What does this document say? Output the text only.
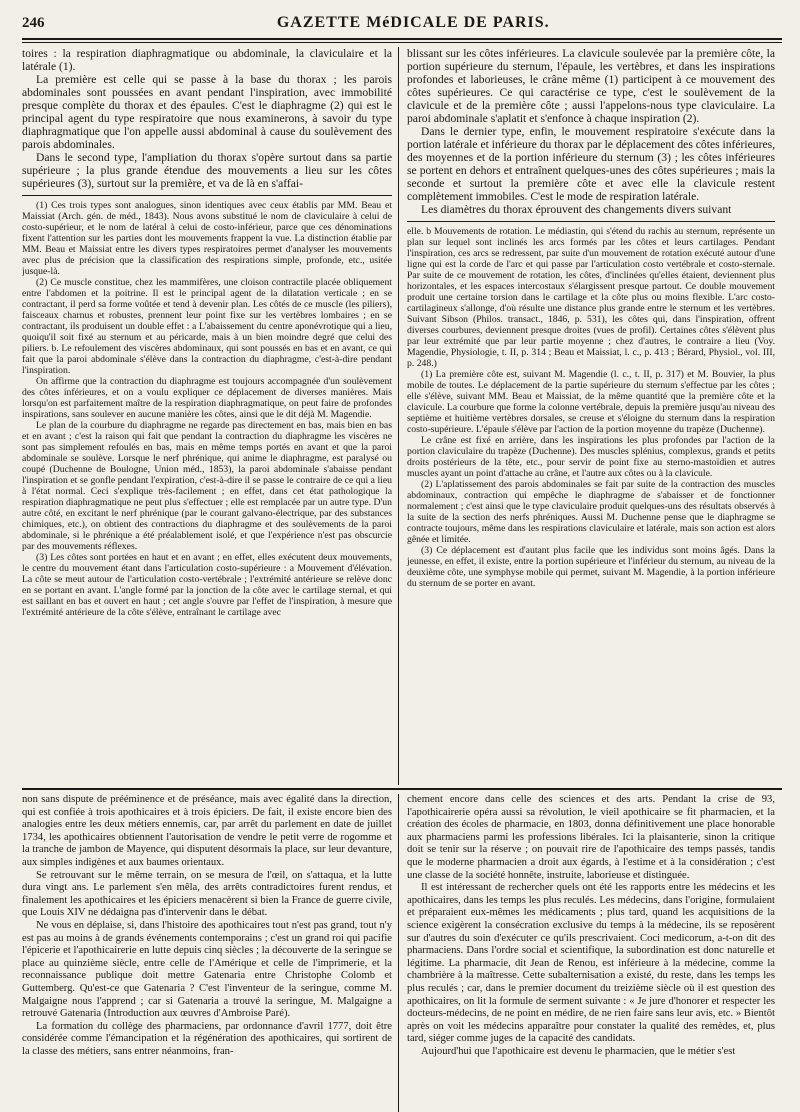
246	GAZETTE MéDICALE DE PARIS.

toires : la respiration diaphragmatique ou abdominale, la claviculaire et la latérale (1).

La première est celle qui se passe à la base du thorax ; les parois abdominales sont poussées en avant pendant l'inspiration, avec immobilité presque complète du thorax et des épaules. C'est le diaphragme (2) qui est le principal agent du type respiratoire que nous examinerons, à savoir du type diaphragmatique que l'on appelle aussi abdominal à cause du soulèvement des parois abdominales.

Dans le second type, l'ampliation du thorax s'opère surtout dans sa partie supérieure ; la plus grande étendue des mouvements a lieu sur les côtes supérieures (3), surtout sur la première, et va de là en s'affai-

(1) Ces trois types sont analogues, sinon identiques avec ceux établis par MM. Beau et Maissiat (Arch. gén. de méd., 1843). Nous avons substitué le nom de claviculaire à celui de costo-supérieur, et le nom de latéral à celui de costo-inférieur, parce que ces dénominations fixent l'attention sur les parties dont les mouvements frappent la vue. La distinction établie par MM. Beau et Maissiat entre les divers types respiratoires permet d'analyser les mouvements avec plus de précision que la classification des respirations simple, profonde, etc., usitée jusque-là.

(2) Ce muscle constitue, chez les mammifères, une cloison contractile placée obliquement entre l'abdomen et la poitrine. Il est le principal agent de la dilatation verticale ; en se contractant, il perd sa forme voûtée et tend à devenir plan. Les côtés de ce muscle (les piliers), faisceaux charnus et robustes, prennent leur point fixe sur les vertèbres lombaires ; en se contractant, ils produisent un double effet : a L'abaissement du centre aponévrotique qui a lieu, quoiqu'il soit fixé au sternum et au péricarde, mais à un bien moindre degré que celui des piliers. b. Le refoulement des viscères abdominaux, qui sont poussés en bas et en avant, ce qui fait que la paroi abdominale s'élève dans la contraction du diaphragme, c'est-à-dire pendant l'inspiration.

On affirme que la contraction du diaphragme est toujours accompagnée d'un soulèvement des côtes inférieures, et on a voulu expliquer ce déplacement de diverses manières. Mais lorsqu'on est parfaitement maître de la respiration diaphragmatique, on peut faire de profondes inspirations, sans soulever en aucune manière les côtes, ainsi que le dit déjà M. Magendie.

Le plan de la courbure du diaphragme ne regarde pas directement en bas, mais bien en bas et en avant ; c'est la raison qui fait que pendant la contraction du diaphragme les viscères ne sont pas simplement refoulés en bas, mais en même temps portés en avant et que la paroi abdominale se soulève. Lorsque le nerf phrénique, qui anime le diaphragme, est paralysé ou coupé (Duchenne de Boulogne, Union méd., 1853), la paroi abdominale s'abaisse pendant l'inspiration et se gonfle pendant l'expiration, c'est-à-dire il se passe le contraire de ce qui a lieu à l'état normal. Ceci s'explique très-facilement ; en effet, dans cet état pathologique la respiration diaphragmatique ne peut plus s'effectuer ; elle est remplacée par un autre type. D'un autre côté, en excitant le nerf phrénique (par le courant galvano-électrique, par des substances chimiques, etc.), on obtient des contractions du diaphragme et des soulèvements de la paroi abdominale, si le phrénique a été préalablement isolé, et que l'expérience n'est pas obscurcie par des mouvements réflexes.

(3) Les côtes sont portées en haut et en avant ; en effet, elles exécutent deux mouvements, le centre du mouvement étant dans l'articulation costo-supérieure : a Mouvement d'élévation. La côte se meut autour de l'articulation costo-vertébrale ; l'extrémité antérieure se relève donc en se portant en avant. L'angle formé par la jonction de la côte avec le cartilage sternal, et qui est saillant en bas et ouvert en haut ; cet angle s'ouvre par l'effet de l'inspiration, à mesure que l'extrémité antérieure de la côte s'élève, entraînant le cartilage avec

blissant sur les côtes inférieures. La clavicule soulevée par la première côte, la portion supérieure du sternum, l'épaule, les vertèbres, et dans les inspirations profondes et laborieuses, le crâne même (1) participent à ce mouvement des côtes supérieures. Ce qui caractérise ce type, c'est le soulèvement de la clavicule et de la première côte ; aussi l'appelons-nous type claviculaire. La paroi abdominale s'aplatit et s'enfonce à chaque inspiration (2).

Dans le dernier type, enfin, le mouvement respiratoire s'exécute dans la portion latérale et inférieure du thorax par le déplacement des côtes inférieures, des moyennes et de la portion inférieure du sternum (3) ; les côtes inférieures se portent en dehors et entraînent quelques-unes des côtes supérieures ; mais la seconde et surtout la première côte et avec elle la clavicule restent complètement immobiles. C'est le mode de respiration latérale.

Les diamètres du thorax éprouvent des changements divers suivant

elle. b Mouvements de rotation. Le médiastin, qui s'étend du rachis au sternum, représente un plan sur lequel sont inclinés les arcs formés par les côtes et leurs cartilages. Pendant l'inspiration, ces arcs se redressent, par suite d'un mouvement de rotation exécuté autour d'une ligne qui est la corde de l'arc et qui passe par l'articulation costo vertébrale et costo-sternale. Par suite de ce mouvement de rotation, les côtes, d'inclinées qu'elles étaient, deviennent plus horizontales, et les espaces intercostaux s'élargissent presque partout. Ce double mouvement produit une certaine torsion dans le cartilage et la côte plus ou moins flexible. L'arc costo-cartilagineux s'allonge, d'où résulte une distance plus grande entre le sternum et les vertèbres. Suivant Sibson (Philos. transact., 1846, p. 531), les côtes qui, dans l'inspiration, offrent diverses courbures, deviennent presque droites (vues de profil). Certaines côtes s'élèvent plus par leur extrémité que par leur partie moyenne ; chez d'autres, le contraire a lieu (Voy. Magendie, Physiologie, t. II, p. 314 ; Beau et Maissiat, l. c., p. 413 ; Bérard, Physiol., vol. III, p. 248.)

(1) La première côte est, suivant M. Magendie (l. c., t. II, p. 317) et M. Bouvier, la plus mobile de toutes. Le déplacement de la partie supérieure du sternum s'effectue par les côtes ; elle s'élève, suivant MM. Beau et Maissiat, de la même quantité que la première côte et la clavicule. La courbure que forme la colonne vertébrale, depuis la première jusqu'au niveau des septième et huitième vertèbres dorsales, se creuse et s'éloigne du sternum dans la respiration costo-supérieure. L'épaule s'élève par l'action de la portion moyenne du trapèze (Duchenne).

Le crâne est fixé en arrière, dans les inspirations les plus profondes par l'action de la portion claviculaire du trapèze (Duchenne). Des muscles splénius, complexus, grands et petits droits postérieurs de la tête, etc., pour servir de point fixe au sterno-mastoïdien et autres muscles ayant un point d'attache au crâne, et l'autre aux côtes ou à la clavicule.

(2) L'aplatissement des parois abdominales se fait par suite de la contraction des muscles abdominaux, contraction qui empêche le diaphragme de s'abaisser et de fonctionner normalement ; c'est ainsi que le type claviculaire produit quelques-uns des résultats observés à la suite de la section des nerfs phréniques. Aussi M. Duchenne pense que le diaphragme se contracte toujours, même dans les respirations claviculaire et latérale, mais son action est alors gênée et limitée.

(3) Ce déplacement est d'autant plus facile que les individus sont moins âgés. Dans la jeunesse, en effet, il existe, entre la portion supérieure et l'inférieur du sternum, au niveau de la deuxième côte, une symphyse mobile qui permet, suivant M. Magendie, à la portion inférieure du sternum de se porter en avant.

non sans dispute de prééminence et de préséance, mais avec égalité dans la direction, qui est confiée à trois apothicaires et à trois épiciers. De fait, il existe encore bien des analogies entre les deux métiers ennemis, car, par arrêt du parlement en date de juillet 1734, les apothicaires obtiennent l'autorisation de vendre le petit verre de rogomme et la tranche de jambon de Mayence, qui disputent désormais la place, sur leur devanture, aux simples indigènes et aux baumes orientaux.

Se retrouvant sur le même terrain, on se mesura de l'œil, on s'attaqua, et la lutte dura vingt ans. Le parlement s'en mêla, des arrêts contradictoires furent rendus, et finalement les apothicaires et les épiciers menacèrent si bien la France de guerre civile, que Louis XIV ne dédaigna pas d'intervenir dans le débat.

Ne vous en déplaise, si, dans l'histoire des apothicaires tout n'est pas grand, tout n'y est pas au moins à de grands événements contemporains ; c'est un grand roi qui pacifie l'épicerie et l'apothicairerie en lutte depuis cinq siècles ; la découverte de la seringue se place au quinzième siècle, entre celle de l'Amérique et celle de l'imprimerie, et la reconnaissance publique doit mettre Gatenaria entre Christophe Colomb et Guttemberg. Qu'est-ce que Gatenaria ? C'est l'inventeur de la seringue, comme M. Malgaigne nous l'apprend ; car si Gatenaria a trouvé la seringue, M. Malgaigne a retrouvé Gatenaria (Introduction aux œuvres d'Ambroise Paré).

La formation du collège des pharmaciens, par ordonnance d'avril 1777, doit être considérée comme l'émancipation et la régénération des apothicaires, qui sortirent de la classe des métiers, sans entrer néanmoins, fran-

chement encore dans celle des sciences et des arts. Pendant la crise de 93, l'apothicairerie opéra aussi sa révolution, le vieil apothicaire se fit pharmacien, et la création des écoles de pharmacie, en 1803, donna définitivement une place honorable aux pharmaciens parmi les professions libérales. Ici la plaisanterie, sinon la critique doit se tenir sur la réserve ; on pouvait rire de l'apothicaire des temps passés, tandis que le moderne pharmacien a droit aux égards, à l'estime et à la considération ; c'est une classe de la société honnête, instruite, laborieuse et distinguée.

Il est intéressant de rechercher quels ont été les rapports entre les médecins et les apothicaires, dans les temps les plus reculés. Les médecins, dans l'origine, formulaient et préparaient eux-mêmes les médicaments ; plus tard, quand les acquisitions de la science exigèrent la consécration exclusive du temps à la médecine, ils se reposèrent sur d'autres du soin d'exécuter ce qu'ils prescrivaient. Coci medicorum, a-t-on dit des pharmaciens. Dans l'ordre social et scientifique, la subordination est donc naturelle et légitime. La pharmacie, dit Jean de Renou, est inférieure à la médecine, comme la chambrière à la maîtresse. Cette subalternisation a existé, du reste, dans les temps les plus reculés ; car, dans le premier document du treizième siècle où il est question des apothicaires, on lit la formule de serment suivante : « Je jure d'honorer et respecter les docteurs-médecins, de ne point en médire, de ne rien faire sans leur avis, etc. » Bientôt après on voit les médecins apparaître pour constater la qualité des remèdes, et, plus tard, siéger comme juges de la capacité des candidats.

Aujourd'hui que l'apothicaire est devenu le pharmacien, que le métier s'est
